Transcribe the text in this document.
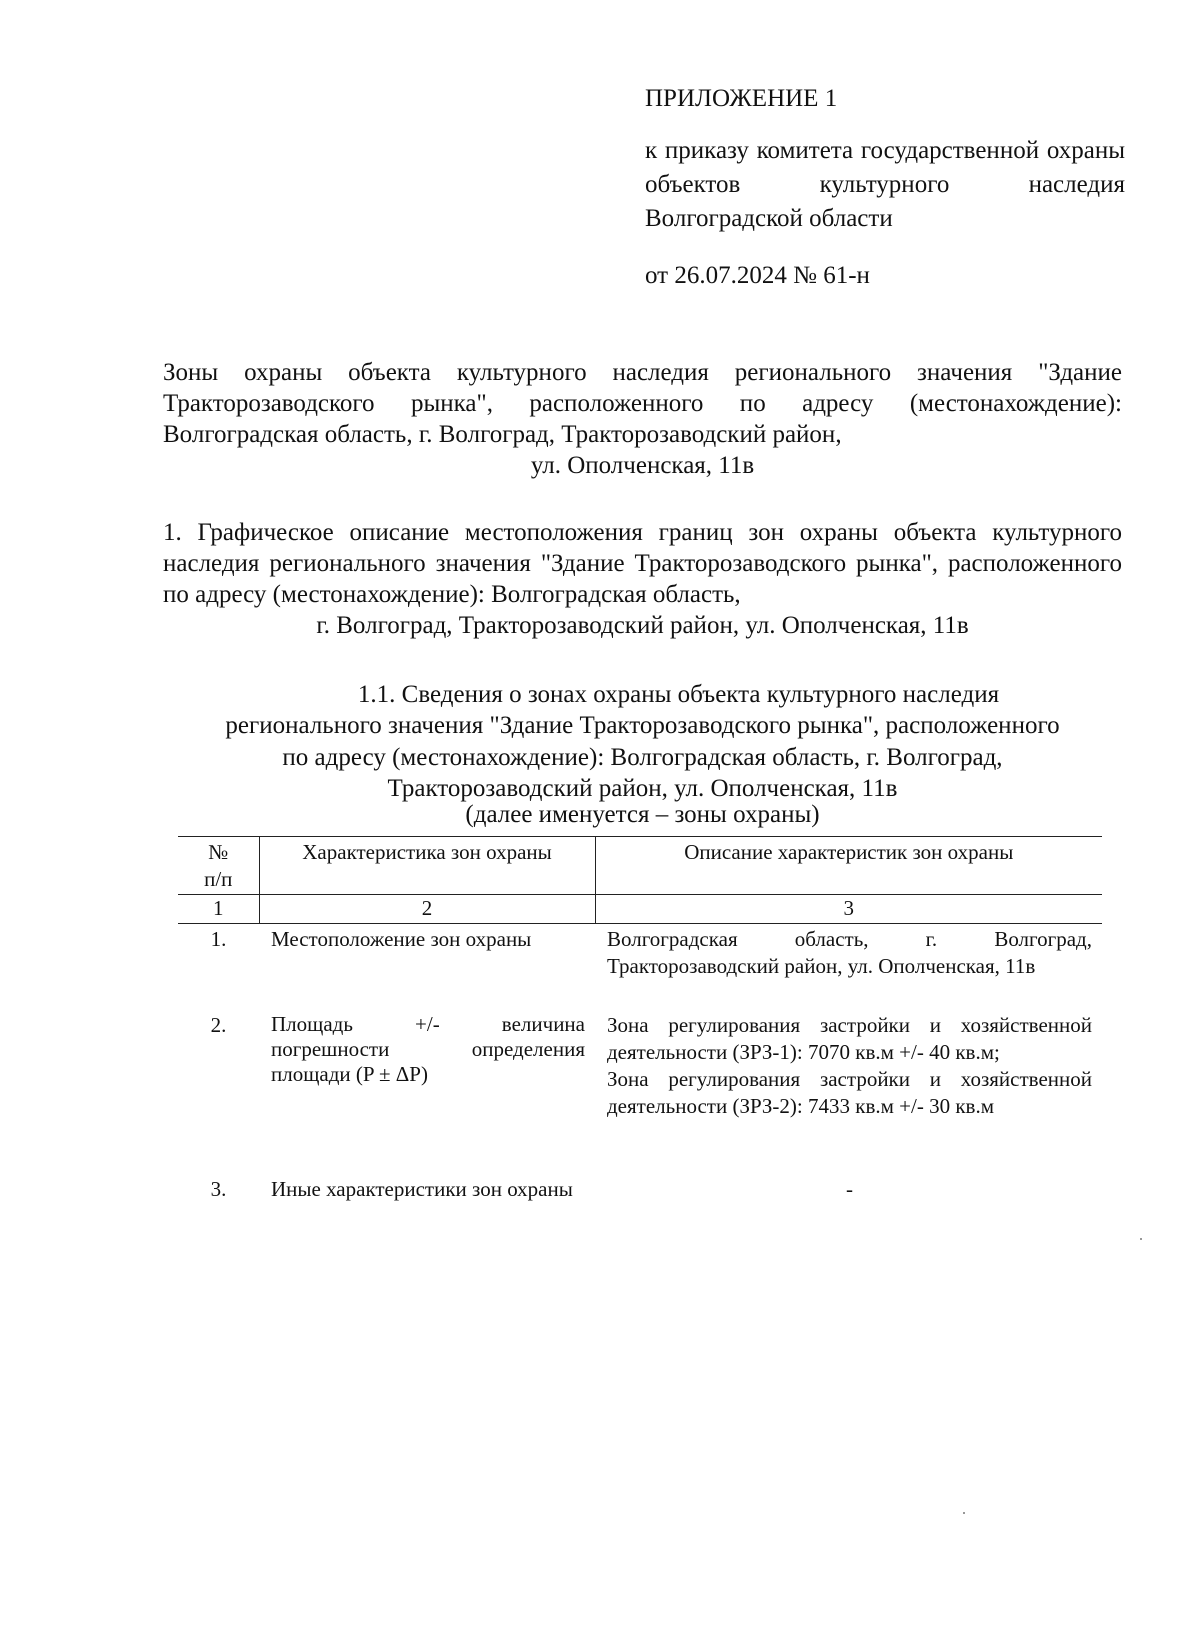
ПРИЛОЖЕНИЕ 1

к приказу комитета государственной охраны объектов культурного наследия Волгоградской области

от 26.07.2024 № 61-н

Зоны охраны объекта культурного наследия регионального значения "Здание Тракторозаводского рынка", расположенного по адресу (местонахождение): Волгоградская область, г. Волгоград, Тракторозаводский район,

ул. Ополченская, 11в

1. Графическое описание местоположения границ зон охраны объекта культурного наследия регионального значения "Здание Тракторозаводского рынка", расположенного по адресу (местонахождение): Волгоградская область,

г. Волгоград, Тракторозаводский район, ул. Ополченская, 11в

1.1. Сведения о зонах охраны объекта культурного наследия

регионального значения "Здание Тракторозаводского рынка", расположенного

по адресу (местонахождение): Волгоградская область, г. Волгоград,

Тракторозаводский район, ул. Ополченская, 11в

(далее именуется – зоны охраны)

№ п/п	Характеристика зон охраны	Описание характеристик зон охраны
1	2	3
1.	Местоположение зон охраны	Волгоградская область, г. Волгоград, Тракторозаводский район, ул. Ополченская, 11в
2.	Площадь +/- величина погрешности определения площади (P ± ΔP)	Зона регулирования застройки и хозяйственной деятельности (ЗРЗ-1): 7070 кв.м +/- 40 кв.м;
Зона регулирования застройки и хозяйственной деятельности (ЗРЗ-2): 7433 кв.м +/- 30 кв.м

3.	Иные характеристики зон охраны	-
